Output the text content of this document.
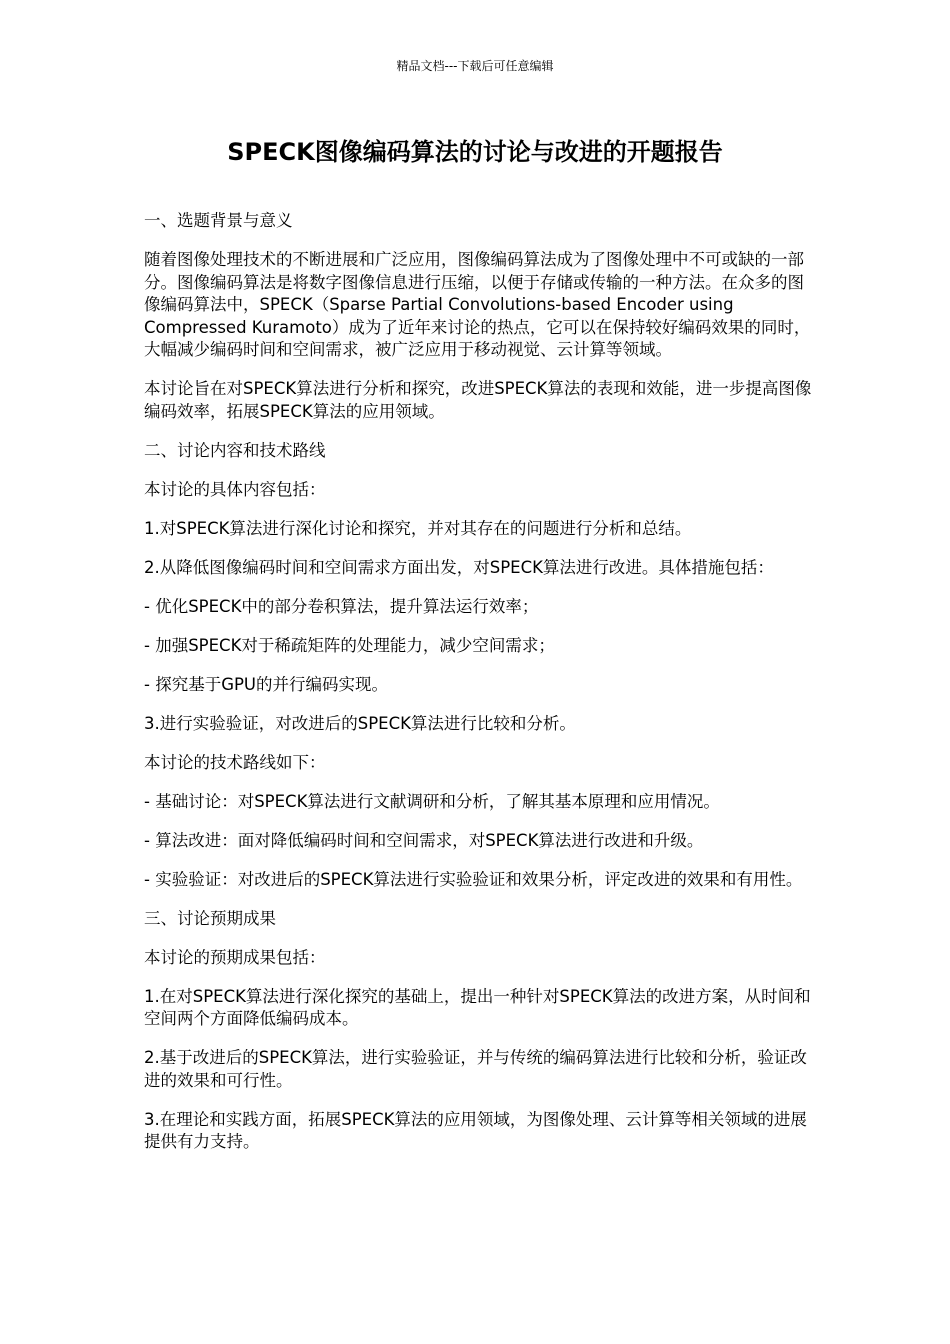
精品文档---下载后可任意编辑
SPECK图像编码算法的讨论与改进的开题报告

一、选题背景与意义

随着图像处理技术的不断进展和广泛应用，图像编码算法成为了图像处理中不可或缺的一部分。图像编码算法是将数字图像信息进行压缩，以便于存储或传输的一种方法。在众多的图像编码算法中，SPECK（Sparse Partial Convolutions-based Encoder using Compressed Kuramoto）成为了近年来讨论的热点，它可以在保持较好编码效果的同时，大幅减少编码时间和空间需求，被广泛应用于移动视觉、云计算等领域。

本讨论旨在对SPECK算法进行分析和探究，改进SPECK算法的表现和效能，进一步提高图像编码效率，拓展SPECK算法的应用领域。

二、讨论内容和技术路线

本讨论的具体内容包括：

1.对SPECK算法进行深化讨论和探究，并对其存在的问题进行分析和总结。

2.从降低图像编码时间和空间需求方面出发，对SPECK算法进行改进。具体措施包括：

- 优化SPECK中的部分卷积算法，提升算法运行效率；

- 加强SPECK对于稀疏矩阵的处理能力，减少空间需求；

- 探究基于GPU的并行编码实现。

3.进行实验验证，对改进后的SPECK算法进行比较和分析。

本讨论的技术路线如下：

- 基础讨论：对SPECK算法进行文献调研和分析，了解其基本原理和应用情况。

- 算法改进：面对降低编码时间和空间需求，对SPECK算法进行改进和升级。

- 实验验证：对改进后的SPECK算法进行实验验证和效果分析，评定改进的效果和有用性。

三、讨论预期成果

本讨论的预期成果包括：

1.在对SPECK算法进行深化探究的基础上，提出一种针对SPECK算法的改进方案，从时间和空间两个方面降低编码成本。

2.基于改进后的SPECK算法，进行实验验证，并与传统的编码算法进行比较和分析，验证改进的效果和可行性。

3.在理论和实践方面，拓展SPECK算法的应用领域，为图像处理、云计算等相关领域的进展提供有力支持。
